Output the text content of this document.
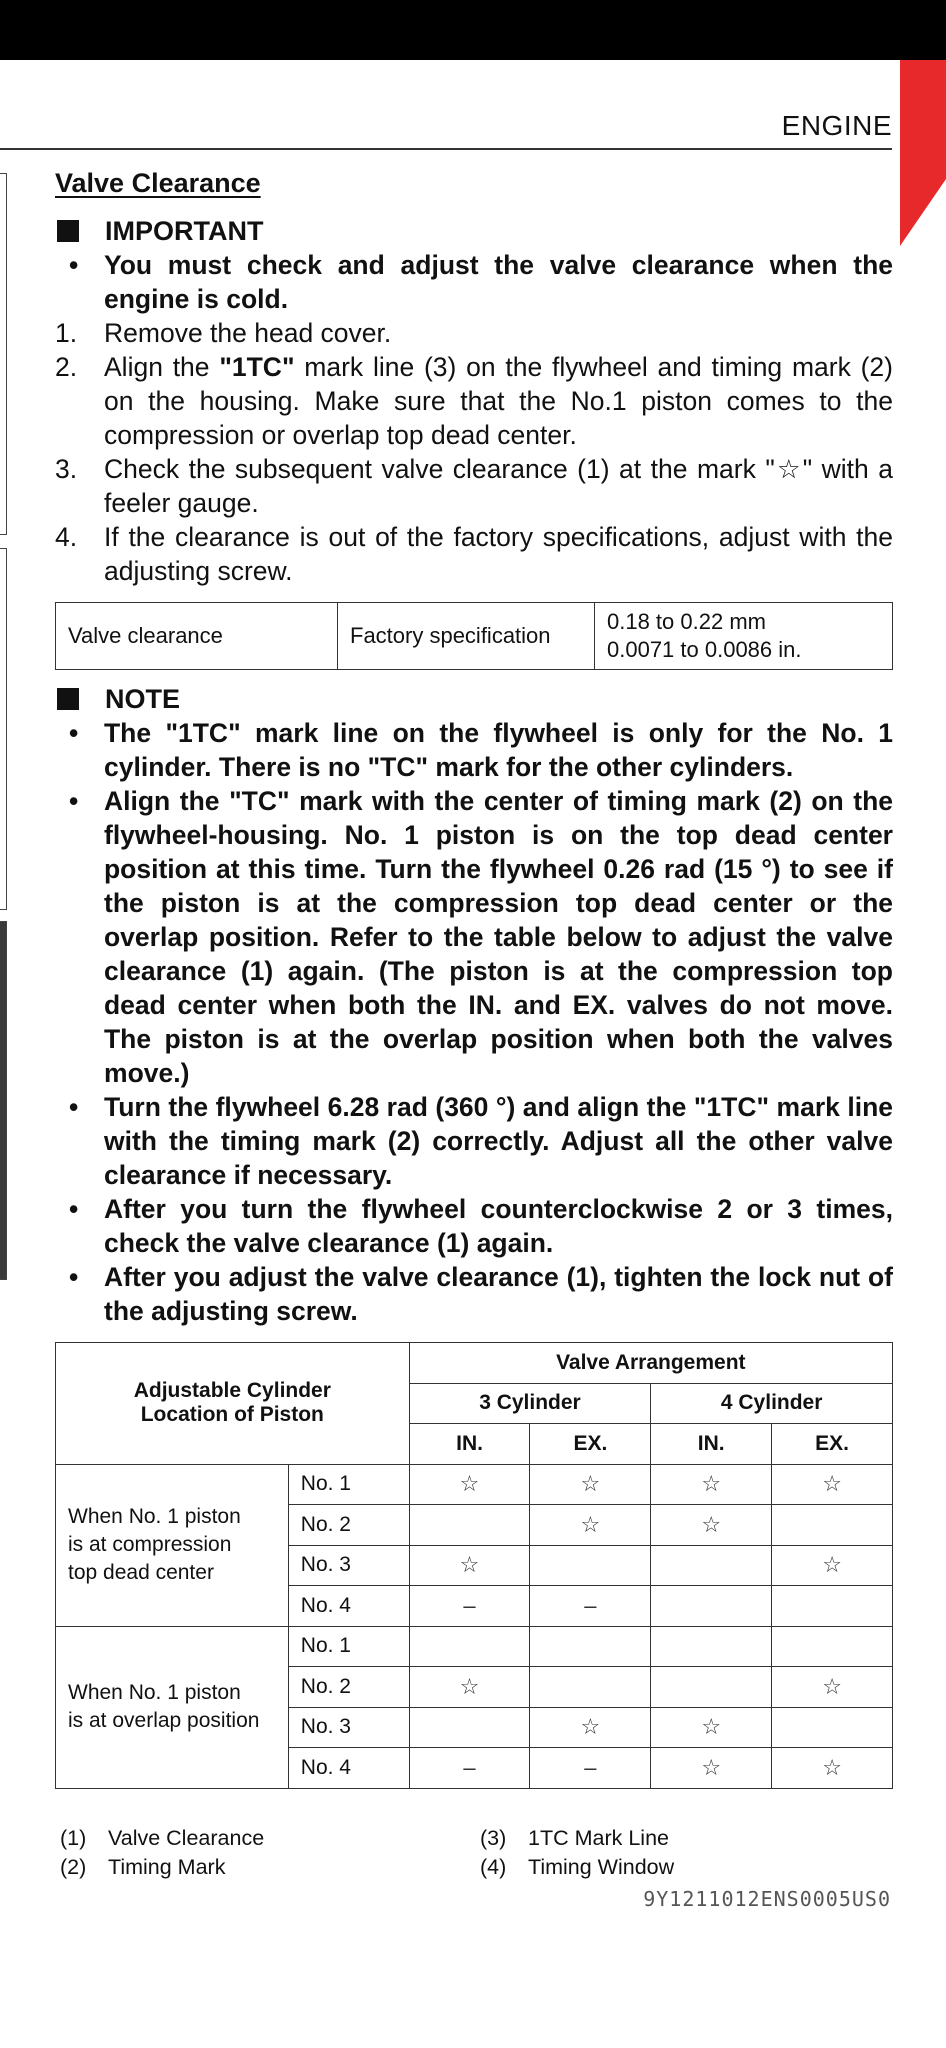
ENGINE
Valve Clearance
IMPORTANT
• You must check and adjust the valve clearance when the engine is cold.
1. Remove the head cover.
2. Align the "1TC" mark line (3) on the flywheel and timing mark (2) on the housing. Make sure that the No.1 piston comes to the compression or overlap top dead center.
3. Check the subsequent valve clearance (1) at the mark "☆" with a feeler gauge.
4. If the clearance is out of the factory specifications, adjust with the adjusting screw.
Valve clearance	Factory specification	
0.18 to 0.22 mm
0.0071 to 0.0086 in.
NOTE
• The "1TC" mark line on the flywheel is only for the No. 1 cylinder. There is no "TC" mark for the other cylinders.
• Align the "TC" mark with the center of timing mark (2) on the flywheel-housing. No. 1 piston is on the top dead center position at this time. Turn the flywheel 0.26 rad (15 °) to see if the piston is at the compression top dead center or the overlap position. Refer to the table below to adjust the valve clearance (1) again. (The piston is at the compression top dead center when both the IN. and EX. valves do not move. The piston is at the overlap position when both the valves move.)
• Turn the flywheel 6.28 rad (360 °) and align the "1TC" mark line with the timing mark (2) correctly. Adjust all the other valve clearance if necessary.
• After you turn the flywheel counterclockwise 2 or 3 times, check the valve clearance (1) again.
• After you adjust the valve clearance (1), tighten the lock nut of the adjusting screw.
Adjustable Cylinder
Location of Piston		Valve Arrangement			
		3 Cylinder		4 Cylinder	
		IN.	EX.	IN.	EX.

When No. 1 piston
is at compression
top dead center	No. 1	☆	☆	☆	☆
	No. 2		☆	☆	
	No. 3	☆			☆
	No. 4	–	–		

When No. 1 piston
is at overlap position	No. 1				
	No. 2	☆			☆
	No. 3		☆	☆	
	No. 4	–	–	☆	☆
(1)	Valve Clearance	(3)	1TC Mark Line
(2)	Timing Mark	(4)	Timing Window
9Y1211012ENS0005US0
